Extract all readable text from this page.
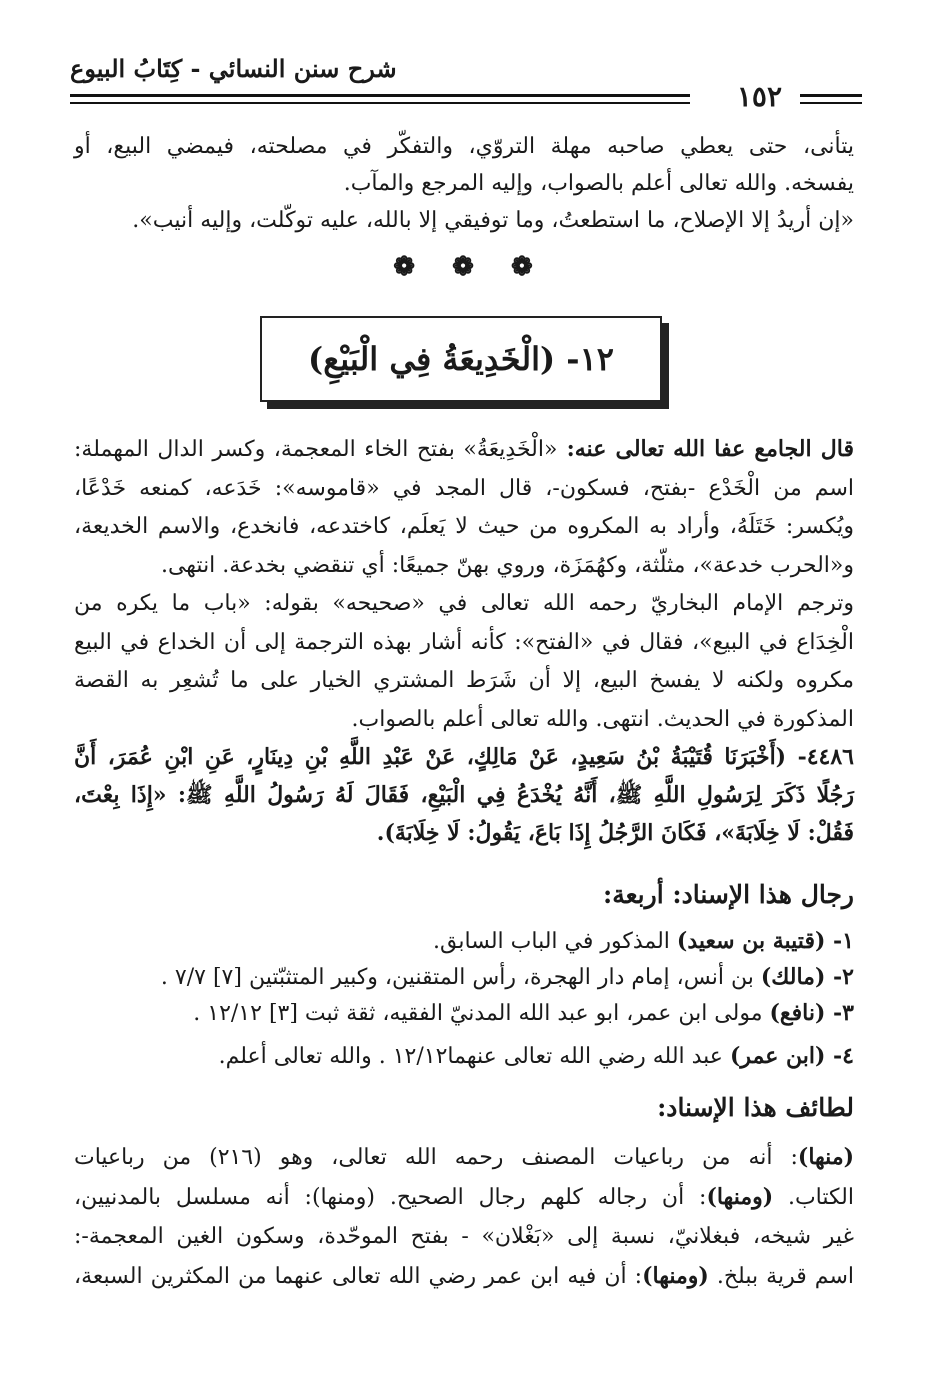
شرح سنن النسائي - كِتَابُ البيوع
١٥٢

يتأنى، حتى يعطي صاحبه مهلة التروّي، والتفكّر في مصلحته، فيمضي البيع، أو

يفسخه. والله تعالى أعلم بالصواب، وإليه المرجع والمآب.

«إن أريدُ إلا الإصلاح، ما استطعتُ، وما توفيقي إلا بالله، عليه توكّلت، وإليه أنيب».

❁ ❁ ❁
١٢- (الْخَدِيعَةُ فِي الْبَيْعِ)

قال الجامع عفا الله تعالى عنه: «الْخَدِيعَةُ» بفتح الخاء المعجمة، وكسر الدال المهملة:

اسم من الْخَدْع -بفتح، فسكون-، قال المجد في «قاموسه»: خَدَعه، كمنعه خَدْعًا،

ويُكسر: خَتَلَهُ، وأراد به المكروه من حيث لا يَعلَم، كاختدعه، فانخدع، والاسم الخديعة،

و«الحرب خدعة»، مثلّثة، وكهُمَزَة، وروي بهنّ جميعًا: أي تنقضي بخدعة. انتهى.

وترجم الإمام البخاريّ رحمه الله تعالى في «صحيحه» بقوله: «باب ما يكره من

الْخِدَاع في البيع»، فقال في «الفتح»: كأنه أشار بهذه الترجمة إلى أن الخداع في البيع

مكروه ولكنه لا يفسخ البيع، إلا أن شَرَط المشتري الخيار على ما تُشعِر به القصة

المذكورة في الحديث. انتهى. والله تعالى أعلم بالصواب.

٤٤٨٦- (أَخْبَرَنَا قُتَيْبَةُ بْنُ سَعِيدٍ، عَنْ مَالِكٍ، عَنْ عَبْدِ اللَّهِ بْنِ دِينَارٍ، عَنِ ابْنِ عُمَرَ، أَنَّ

رَجُلًا ذَكَرَ لِرَسُولِ اللَّهِ ﷺ، أَنَّهُ يُخْدَعُ فِي الْبَيْعِ، فَقَالَ لَهُ رَسُولُ اللَّهِ ﷺ: «إِذَا بِعْتَ،

فَقُلْ: لَا خِلَابَةَ»، فَكَانَ الرَّجُلُ إِذَا بَاعَ، يَقُولُ: لَا خِلَابَةَ).

رجال هذا الإسناد: أربعة:
١- (قتيبة بن سعيد) المذكور في الباب السابق.
٢- (مالك) بن أنس، إمام دار الهجرة، رأس المتقنين، وكبير المتثبّتين [٧] ٧/٧ .
٣- (نافع) مولى ابن عمر، ابو عبد الله المدنيّ الفقيه، ثقة ثبت [٣] ١٢/١٢ .
٤- (ابن عمر) عبد الله رضي الله تعالى عنهما١٢/١٢ . والله تعالى أعلم.
لطائف هذا الإسناد:

(منها): أنه من رباعيات المصنف رحمه الله تعالى، وهو (٢١٦) من رباعيات

الكتاب. (ومنها): أن رجاله كلهم رجال الصحيح. (ومنها): أنه مسلسل بالمدنيين،

غير شيخه، فبغلانيّ، نسبة إلى «بَغْلان» - بفتح الموحّدة، وسكون الغين المعجمة-:

اسم قرية ببلخ. (ومنها): أن فيه ابن عمر رضي الله تعالى عنهما من المكثرين السبعة،
